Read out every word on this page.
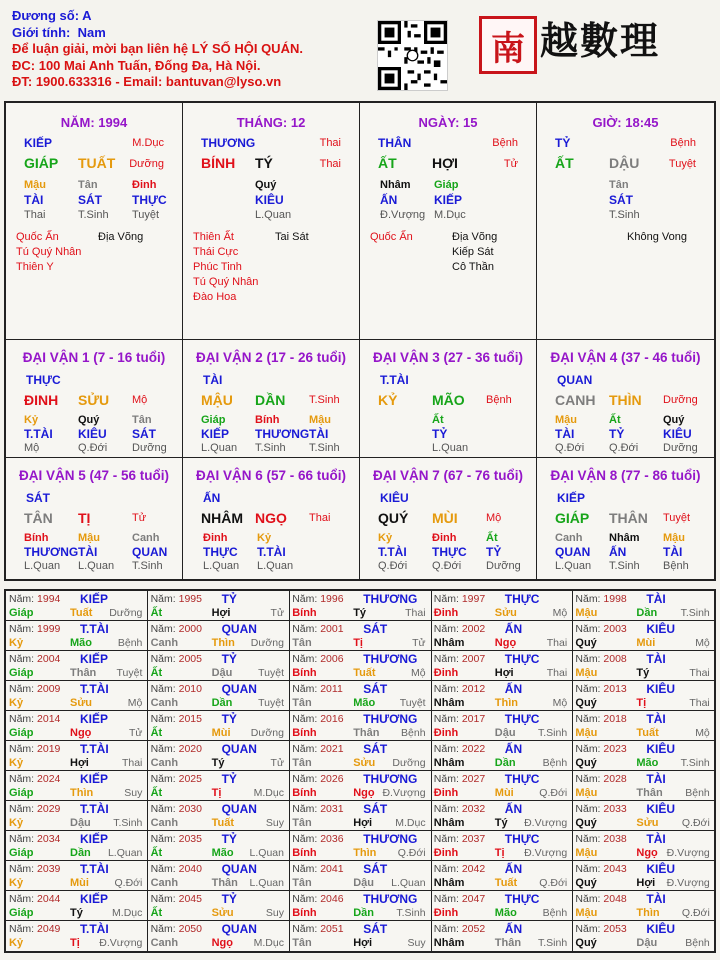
Đương số: A
Giới tính: Nam
Để luận giải, mời bạn liên hệ LÝ SỐ HỘI QUÁN.
ĐC: 100 Mai Anh Tuấn, Đống Đa, Hà Nội.
ĐT: 1900.633316 - Email: bantuvan@lyso.vn
南 越數理
NĂM: 1994
KIẾP	M.Dục
GIÁP TUẤT Dưỡng
Mậu
TÀI
Thai
Tân
SÁT
T.Sinh
Đinh
THỰC
Tuyệt
Quốc Ấn
Tú Quý Nhân
Thiên Y
Địa Võng
THÁNG: 12
THƯƠNG	Thai
BÍNH TÝ	Thai
Quý
KIÊU
L.Quan
Thiên Ất
Thái Cực
Phúc Tinh
Tú Quý Nhân
Đào Hoa
Tai Sát
NGÀY: 15
THÂN	Bệnh
ẤT	HỢI	Tử
Nhâm
ẤN
Đ.Vượng
Giáp
KIẾP
M.Dục
Quốc Ấn	Địa Võng
Kiếp Sát
Cô Thần
GIỜ: 18:45
TỶ	Bệnh
ẤT	DẬU	Tuyệt
Tân
SÁT
T.Sinh
Không Vong
ĐẠI VẬN 1 (7 - 16 tuổi)
THỰC
ĐINH SỬU Mộ
Kỷ
T.TÀI
Mộ
Quý
KIÊU
Q.Đới
Tân
SÁT
Dưỡng
ĐẠI VẬN 2 (17 - 26 tuổi)
TÀI
MẬU DẦN T.Sinh
Giáp
KIẾP
L.Quan
Bính
THƯƠNG
T.Sinh
Mậu
TÀI
T.Sinh
ĐẠI VẬN 3 (27 - 36 tuổi)
T.TÀI
KỶ MÃO Bệnh
Ất
TỶ
L.Quan
ĐẠI VẬN 4 (37 - 46 tuổi)
QUAN
CANH THÌN Dưỡng
Mậu
TÀI
Q.Đới
Ất
TỶ
Q.Đới
Quý
KIÊU
Dưỡng
ĐẠI VẬN 5 (47 - 56 tuổi)
SÁT
TÂN TỊ	Tử
Bính
THƯƠNG
L.Quan
Mậu
TÀI
L.Quan
Canh
QUAN
T.Sinh
ĐẠI VẬN 6 (57 - 66 tuổi)
ẤN
NHÂM NGỌ Thai
Đinh
THỰC
L.Quan
Kỷ
T.TÀI
L.Quan
ĐẠI VẬN 7 (67 - 76 tuổi)
KIÊU
QUÝ MÙI	Mộ
Kỷ
T.TÀI
Q.Đới
Đinh
THỰC
Q.Đới
Ất
TỶ
Dưỡng
ĐẠI VẬN 8 (77 - 86 tuổi)
KIẾP
GIÁP THÂN Tuyệt
Canh
QUAN
L.Quan
Nhâm
ẤN
T.Sinh
Mậu
TÀI
Bệnh
Năm: 1994 KIẾP
Giáp	Tuất Dưỡng
Năm: 1995 TỶ
Ất	Hợi	Tử
Năm: 1996 THƯƠNG
Bính	Tý	Thai
Năm: 1997 THỰC
Đinh	Sửu	Mộ
Năm: 1998 TÀI
Mậu	Dần T.Sinh
Năm: 1999 T.TÀI
Kỷ	Mão Bệnh
Năm: 2000 QUAN
Canh	Thìn Dưỡng
Năm: 2001 SÁT
Tân	Tị	Tử
Năm: 2002 ẤN
Nhâm	Ngọ	Thai
Năm: 2003 KIÊU
Quý	Mùi	Mộ
Năm: 2004 KIẾP
Giáp	Thân Tuyệt
Năm: 2005 TỶ
Ất	Dậu Tuyệt
Năm: 2006 THƯƠNG
Bính	Tuất	Mộ
Năm: 2007 THỰC
Đinh	Hợi	Thai
Năm: 2008 TÀI
Mậu	Tý	Thai
Năm: 2009 T.TÀI
Kỷ	Sửu	Mộ
Năm: 2010 QUAN
Canh	Dần Tuyệt
Năm: 2011 SÁT
Tân	Mão Tuyệt
Năm: 2012 ẤN
Nhâm	Thìn	Mộ
Năm: 2013 KIÊU
Quý	Tị	Thai
Năm: 2014 KIẾP
Giáp	Ngọ	Tử
Năm: 2015 TỶ
Ất	Mùi Dưỡng
Năm: 2016 THƯƠNG
Bính	Thân Bệnh
Năm: 2017 THỰC
Đinh	Dậu T.Sinh
Năm: 2018 TÀI
Mậu	Tuất	Mộ
Năm: 2019 T.TÀI
Kỷ	Hợi	Thai
Năm: 2020 QUAN
Canh	Tý	Tử
Năm: 2021 SÁT
Tân	Sửu Dưỡng
Năm: 2022 ẤN
Nhâm	Dần	Bệnh
Năm: 2023 KIÊU
Quý	Mão T.Sinh
Năm: 2024 KIẾP
Giáp	Thìn	Suy
Năm: 2025 TỶ
Ất	Tị	M.Dục
Năm: 2026 THƯƠNG
Bính	Ngọ Đ.Vượng
Năm: 2027 THỰC
Đinh	Mùi Q.Đới
Năm: 2028 TÀI
Mậu	Thân Bệnh
Năm: 2029 T.TÀI
Kỷ	Dậu T.Sinh
Năm: 2030 QUAN
Canh	Tuất	Suy
Năm: 2031 SÁT
Tân	Hợi M.Dục
Năm: 2032 ẤN
Nhâm	Tý Đ.Vượng
Năm: 2033 KIÊU
Quý	Sửu Q.Đới
Năm: 2034 KIẾP
Giáp	Dần L.Quan
Năm: 2035 TỶ
Ất	Mão L.Quan
Năm: 2036 THƯƠNG
Bính	Thìn Q.Đới
Năm: 2037 THỰC
Đinh	Tị Đ.Vượng
Năm: 2038 TÀI
Mậu	Ngọ Đ.Vượng
Năm: 2039 T.TÀI
Kỷ	Mùi Q.Đới
Năm: 2040 QUAN
Canh	Thân L.Quan
Năm: 2041 SÁT
Tân	Dậu L.Quan
Năm: 2042 ẤN
Nhâm	Tuất Q.Đới
Năm: 2043 KIÊU
Quý	Hợi Đ.Vượng
Năm: 2044 KIẾP
Giáp	Tý	M.Dục
Năm: 2045 TỶ
Ất	Sửu	Suy
Năm: 2046 THƯƠNG
Bính	Dần T.Sinh
Năm: 2047 THỰC
Đinh	Mão Bệnh
Năm: 2048 TÀI
Mậu	Thìn Q.Đới
Năm: 2049 T.TÀI
Kỷ	Tị Đ.Vượng
Năm: 2050 QUAN
Canh	Ngọ M.Dục
Năm: 2051 SÁT
Tân	Hợi	Suy
Năm: 2052 ẤN
Nhâm	Thân T.Sinh
Năm: 2053 KIÊU
Quý	Dậu	Bệnh
